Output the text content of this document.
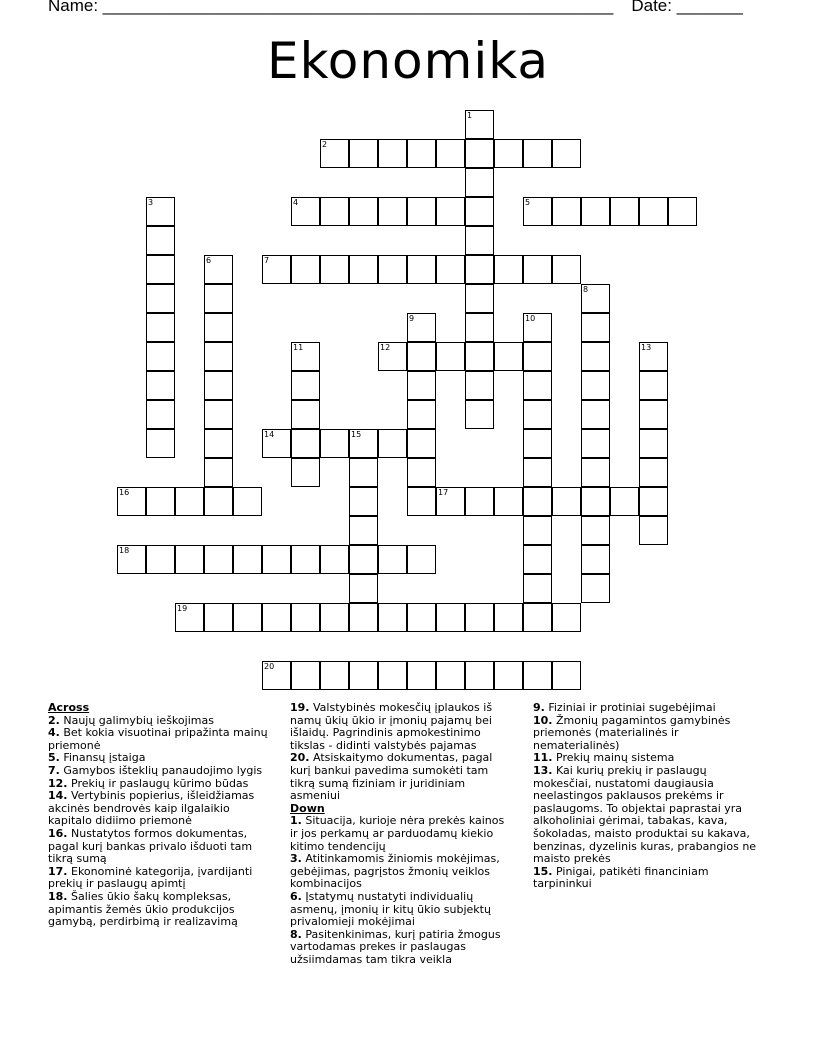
Name: ______________________________________________________ Date: _______
Ekonomika
1
2
3	4	5
6	7
8
9	10
11	12	13
14	15
16	17
18
19
20

Across

2. Naujų galimybių ieškojimas

4. Bet kokia visuotinai pripažinta mainų priemonė

5. Finansų įstaiga

7. Gamybos išteklių panaudojimo lygis

12. Prekių ir paslaugų kūrimo būdas

14. Vertybinis popierius, išleidžiamas akcinės bendrovės kaip ilgalaikio kapitalo didiimo priemonė

16. Nustatytos formos dokumentas, pagal kurį bankas privalo išduoti tam tikrą sumą

17. Ekonominė kategorija, įvardijanti prekių ir paslaugų apimtį

18. Šalies ūkio šakų kompleksas, apimantis žemės ūkio produkcijos gamybą, perdirbimą ir realizavimą

19. Valstybinės mokesčių įplaukos iš namų ūkių ūkio ir įmonių pajamų bei išlaidų. Pagrindinis apmokestinimo tikslas - didinti valstybės pajamas

20. Atsiskaitymo dokumentas, pagal kurį bankui pavedima sumokėti tam tikrą sumą fiziniam ir juridiniam asmeniui

Down

1. Situacija, kurioje nėra prekės kainos ir jos perkamų ar parduodamų kiekio kitimo tendencijų

3. Atitinkamomis žiniomis mokėjimas, gebėjimas, pagrįstos žmonių veiklos kombinacijos

6. Įstatymų nustatyti individualių asmenų, įmonių ir kitų ūkio subjektų privalomieji mokėjimai

8. Pasitenkinimas, kurį patiria žmogus vartodamas prekes ir paslaugas užsiimdamas tam tikra veikla

9. Fiziniai ir protiniai sugebėjimai

10. Žmonių pagamintos gamybinės priemonės (materialinės ir nematerialinės)

11. Prekių mainų sistema

13. Kai kurių prekių ir paslaugų mokesčiai, nustatomi daugiausia neelastingos paklausos prekėms ir paslaugoms. To objektai paprastai yra alkoholiniai gėrimai, tabakas, kava, šokoladas, maisto produktai su kakava, benzinas, dyzelinis kuras, prabangios ne maisto prekės

15. Pinigai, patikėti financiniam tarpininkui
